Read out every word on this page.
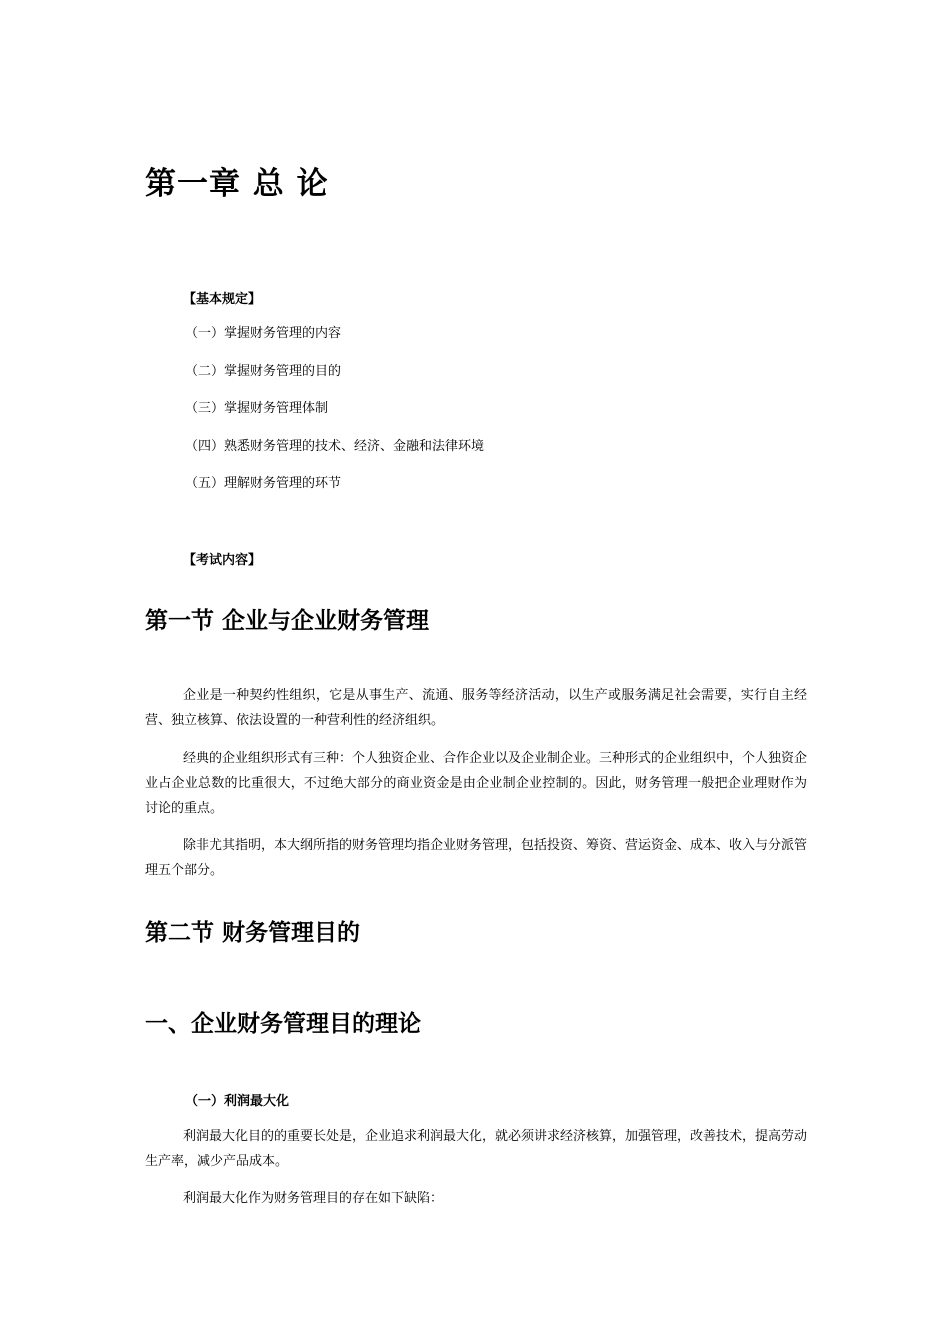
第一章 总 论
【基本规定】
（一）掌握财务管理的内容
（二）掌握财务管理的目的
（三）掌握财务管理体制
（四）熟悉财务管理的技术、经济、金融和法律环境
（五）理解财务管理的环节
【考试内容】
第一节 企业与企业财务管理

企业是一种契约性组织，它是从事生产、流通、服务等经济活动，以生产或服务满足社会需要，实行自主经营、独立核算、依法设置的一种营利性的经济组织。

经典的企业组织形式有三种：个人独资企业、合作企业以及企业制企业。三种形式的企业组织中，个人独资企业占企业总数的比重很大，不过绝大部分的商业资金是由企业制企业控制的。因此，财务管理一般把企业理财作为讨论的重点。

除非尤其指明，本大纲所指的财务管理均指企业财务管理，包括投资、筹资、营运资金、成本、收入与分派管理五个部分。

第二节 财务管理目的
一、企业财务管理目的理论
（一）利润最大化

利润最大化目的的重要长处是，企业追求利润最大化，就必须讲求经济核算，加强管理，改善技术，提高劳动生产率，减少产品成本。

利润最大化作为财务管理目的存在如下缺陷：
